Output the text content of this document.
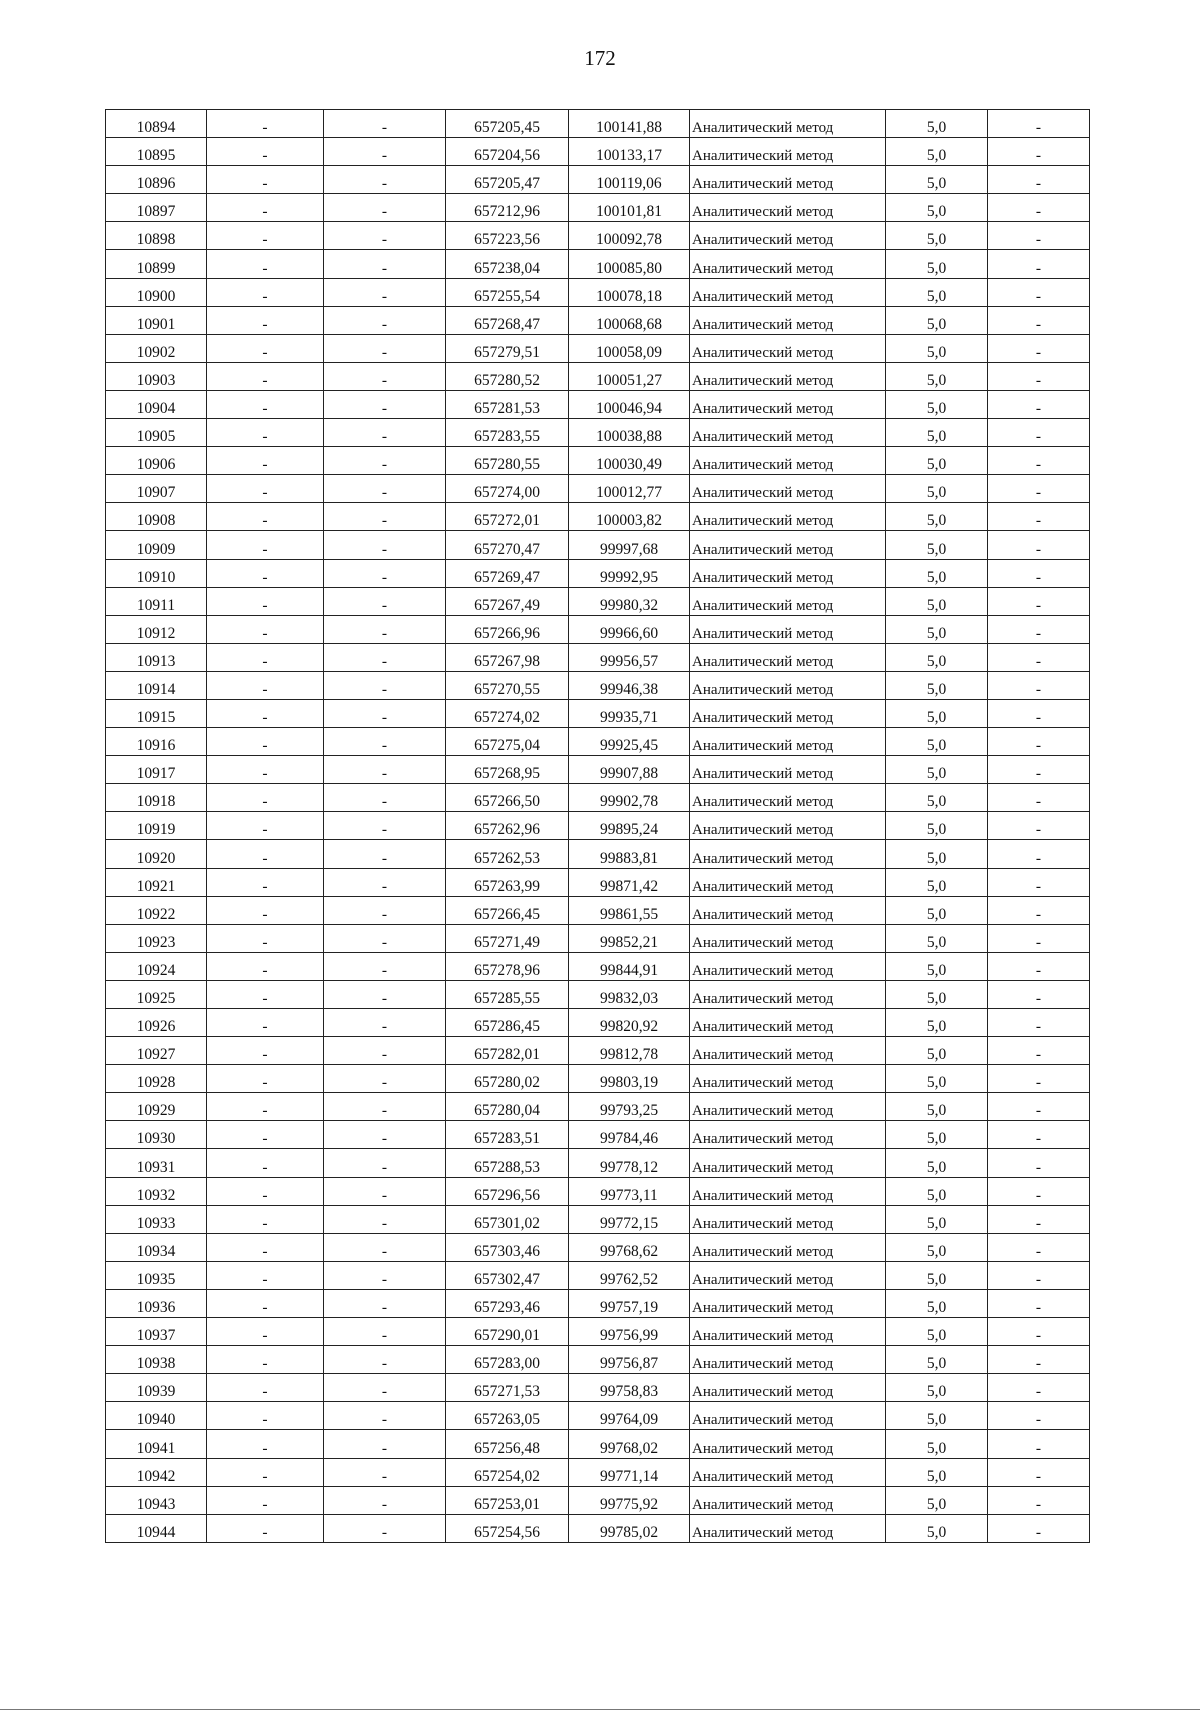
172
10894	-	-	657205,45	100141,88	Аналитический метод	5,0	-
10895	-	-	657204,56	100133,17	Аналитический метод	5,0	-
10896	-	-	657205,47	100119,06	Аналитический метод	5,0	-
10897	-	-	657212,96	100101,81	Аналитический метод	5,0	-
10898	-	-	657223,56	100092,78	Аналитический метод	5,0	-
10899	-	-	657238,04	100085,80	Аналитический метод	5,0	-
10900	-	-	657255,54	100078,18	Аналитический метод	5,0	-
10901	-	-	657268,47	100068,68	Аналитический метод	5,0	-
10902	-	-	657279,51	100058,09	Аналитический метод	5,0	-
10903	-	-	657280,52	100051,27	Аналитический метод	5,0	-
10904	-	-	657281,53	100046,94	Аналитический метод	5,0	-
10905	-	-	657283,55	100038,88	Аналитический метод	5,0	-
10906	-	-	657280,55	100030,49	Аналитический метод	5,0	-
10907	-	-	657274,00	100012,77	Аналитический метод	5,0	-
10908	-	-	657272,01	100003,82	Аналитический метод	5,0	-
10909	-	-	657270,47	99997,68	Аналитический метод	5,0	-
10910	-	-	657269,47	99992,95	Аналитический метод	5,0	-
10911	-	-	657267,49	99980,32	Аналитический метод	5,0	-
10912	-	-	657266,96	99966,60	Аналитический метод	5,0	-
10913	-	-	657267,98	99956,57	Аналитический метод	5,0	-
10914	-	-	657270,55	99946,38	Аналитический метод	5,0	-
10915	-	-	657274,02	99935,71	Аналитический метод	5,0	-
10916	-	-	657275,04	99925,45	Аналитический метод	5,0	-
10917	-	-	657268,95	99907,88	Аналитический метод	5,0	-
10918	-	-	657266,50	99902,78	Аналитический метод	5,0	-
10919	-	-	657262,96	99895,24	Аналитический метод	5,0	-
10920	-	-	657262,53	99883,81	Аналитический метод	5,0	-
10921	-	-	657263,99	99871,42	Аналитический метод	5,0	-
10922	-	-	657266,45	99861,55	Аналитический метод	5,0	-
10923	-	-	657271,49	99852,21	Аналитический метод	5,0	-
10924	-	-	657278,96	99844,91	Аналитический метод	5,0	-
10925	-	-	657285,55	99832,03	Аналитический метод	5,0	-
10926	-	-	657286,45	99820,92	Аналитический метод	5,0	-
10927	-	-	657282,01	99812,78	Аналитический метод	5,0	-
10928	-	-	657280,02	99803,19	Аналитический метод	5,0	-
10929	-	-	657280,04	99793,25	Аналитический метод	5,0	-
10930	-	-	657283,51	99784,46	Аналитический метод	5,0	-
10931	-	-	657288,53	99778,12	Аналитический метод	5,0	-
10932	-	-	657296,56	99773,11	Аналитический метод	5,0	-
10933	-	-	657301,02	99772,15	Аналитический метод	5,0	-
10934	-	-	657303,46	99768,62	Аналитический метод	5,0	-
10935	-	-	657302,47	99762,52	Аналитический метод	5,0	-
10936	-	-	657293,46	99757,19	Аналитический метод	5,0	-
10937	-	-	657290,01	99756,99	Аналитический метод	5,0	-
10938	-	-	657283,00	99756,87	Аналитический метод	5,0	-
10939	-	-	657271,53	99758,83	Аналитический метод	5,0	-
10940	-	-	657263,05	99764,09	Аналитический метод	5,0	-
10941	-	-	657256,48	99768,02	Аналитический метод	5,0	-
10942	-	-	657254,02	99771,14	Аналитический метод	5,0	-
10943	-	-	657253,01	99775,92	Аналитический метод	5,0	-
10944	-	-	657254,56	99785,02	Аналитический метод	5,0	-
